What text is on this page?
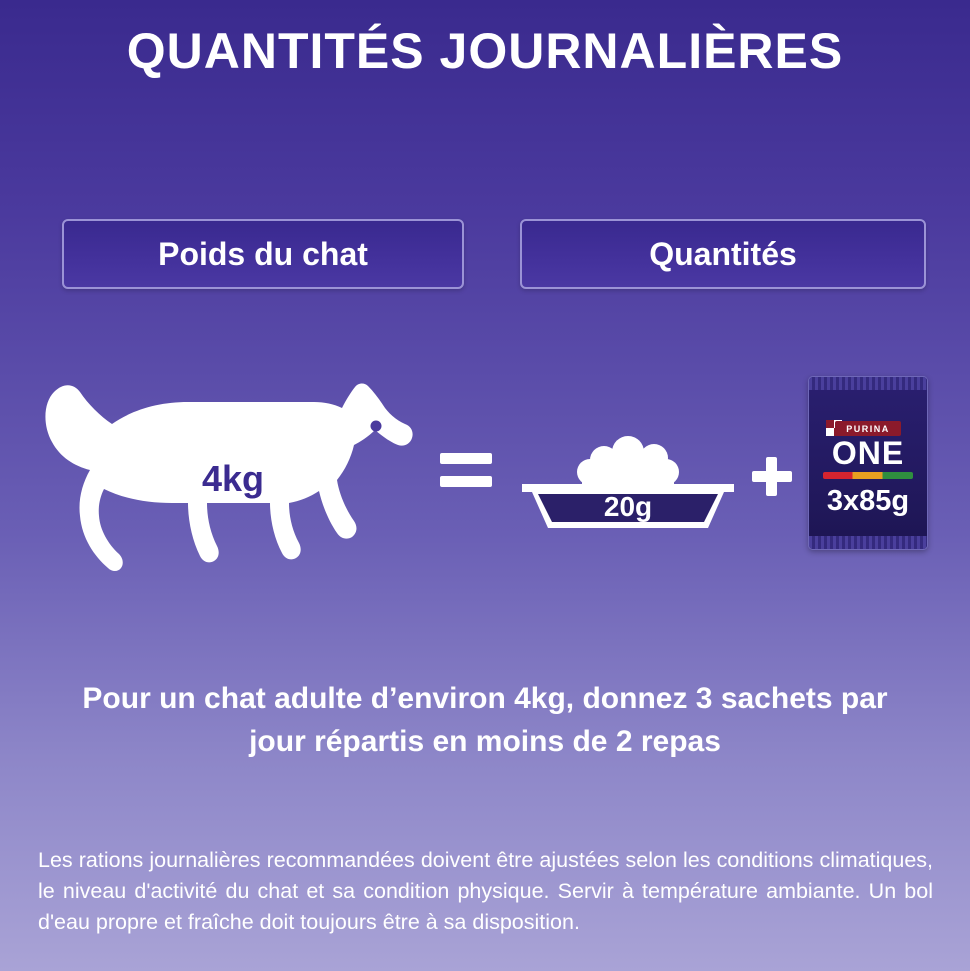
QUANTITÉS JOURNALIÈRES
Poids du chat	Quantités
4kg
20g
PURINA
ONE
3x85g
Pour un chat adulte d’environ 4kg, donnez 3 sachets par jour répartis en moins de 2 repas
Les rations journalières recommandées doivent être ajustées selon les conditions climatiques, le niveau d'activité du chat et sa condition physique. Servir à température ambiante. Un bol d'eau propre et fraîche doit toujours être à sa disposition.
